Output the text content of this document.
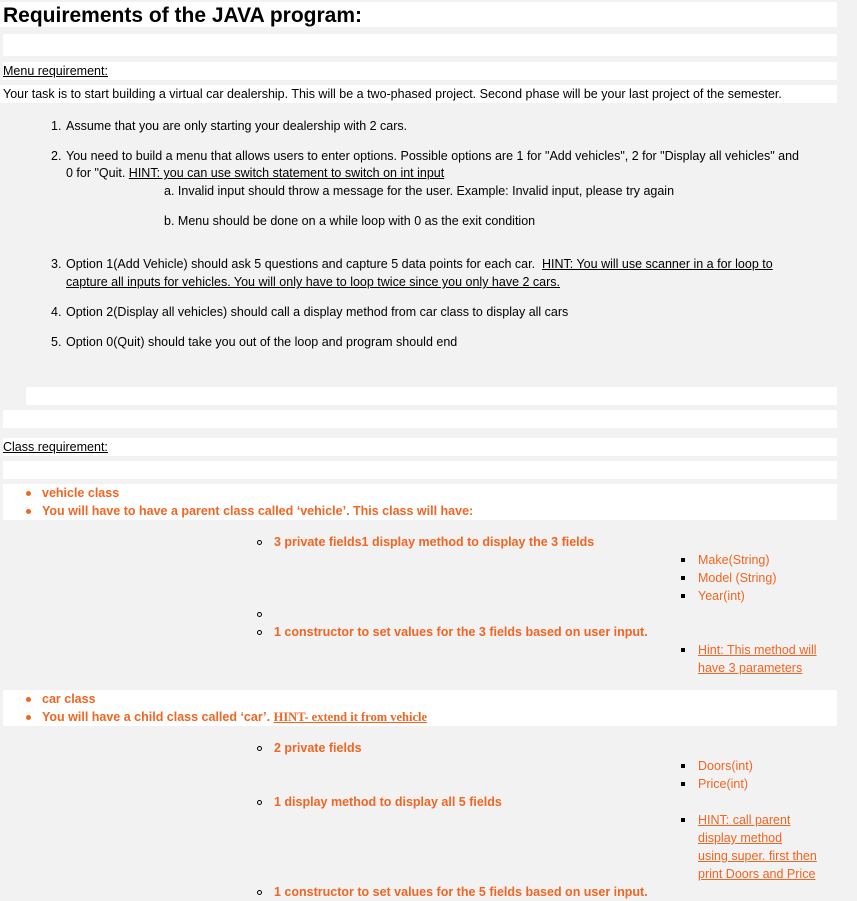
Requirements of the JAVA program:
Menu requirement:
Your task is to start building a virtual car dealership. This will be a two-phased project. Second phase will be your last project of the semester.
1. Assume that you are only starting your dealership with 2 cars.
2. You need to build a menu that allows users to enter options. Possible options are 1 for "Add vehicles", 2 for "Display all vehicles" and
0 for "Quit. HINT: you can use switch statement to switch on int input
a. Invalid input should throw a message for the user. Example: Invalid input, please try again
b. Menu should be done on a while loop with 0 as the exit condition
3. Option 1(Add Vehicle) should ask 5 questions and capture 5 data points for each car.  HINT: You will use scanner in a for loop to
capture all inputs for vehicles. You will only have to loop twice since you only have 2 cars.
4. Option 2(Display all vehicles) should call a display method from car class to display all cars
5. Option 0(Quit) should take you out of the loop and program should end
Class requirement:
vehicle class
You will have to have a parent class called ‘vehicle’. This class will have:
3 private fields1 display method to display the 3 fields
Make(String)
Model (String)
Year(int)
1 constructor to set values for the 3 fields based on user input.
Hint: This method will
have 3 parameters
car class
You will have a child class called ‘car’. HINT- extend it from vehicle
2 private fields
Doors(int)
Price(int)
1 display method to display all 5 fields
HINT: call parent
display method
using super. first then
print Doors and Price
1 constructor to set values for the 5 fields based on user input.
